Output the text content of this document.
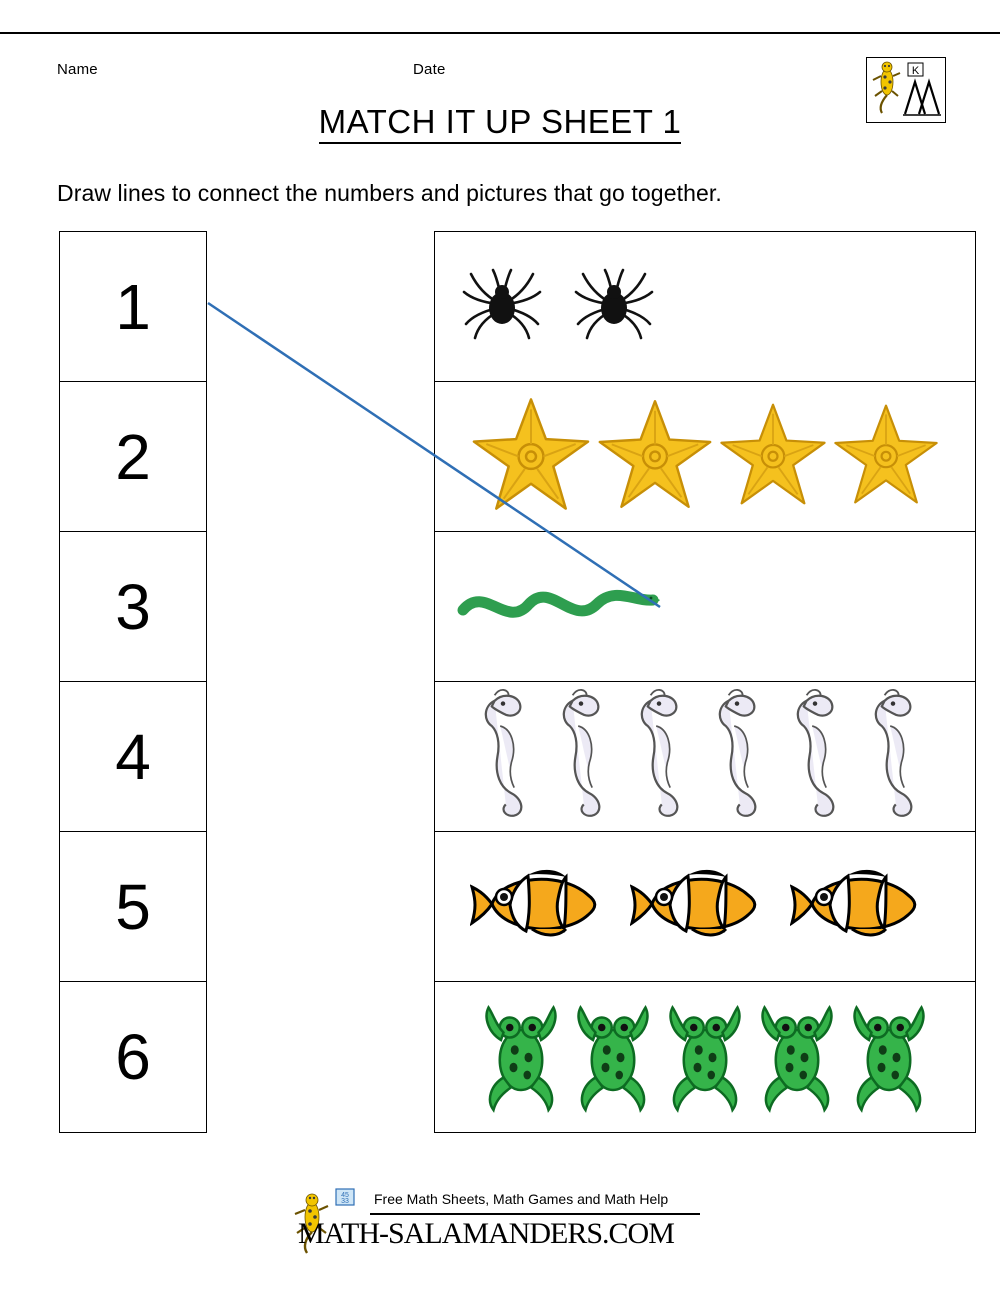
Name	Date	K
MATCH IT UP SHEET 1
Draw lines to connect the numbers and pictures that go together.
1
2
3
4
5
6
45
33 Free Math Sheets, Math Games and Math Help
MATH-SALAMANDERS.COM
